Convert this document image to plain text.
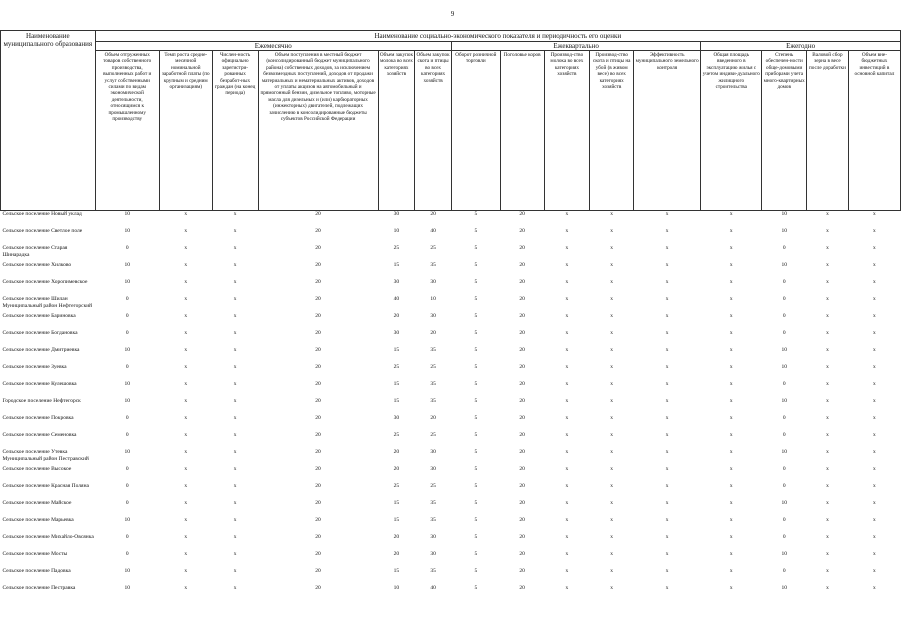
9
Наименование муниципального образования	Наименование социально-экономического показателя и периодичность его оценки														
	Ежемесячно						Ежеквартально					Ежегодно			
	Объем отгруженных товаров собственного производства, выполненных работ и услуг собственными силами по видам экономической деятельности, относящимся к промышленному производству	Темп роста средне-месячной номинальной заработной платы (по крупным и средним организациям)	Числен-ность официально зарегистри-рованных безработ-ных граждан (на конец периода)	Объем поступления в местный бюджет (консолидированный бюджет муниципального района) собственных доходов, за исключением безвозмездных поступлений, доходов от продажи материальных и нематериальных активов, доходов от уплаты акцизов на автомобильный и прямогонный бензин, дизельное топливо, моторные масла для дизельных и (или) карбюраторных (инжекторных) двигателей, подлежащих зачислению в консолидированные бюджеты субъектов Российской Федерации	Объем закупок молока во всех категориях хозяйств	Объем закупок скота и птицы во всех категориях хозяйств	Оборот розничной торговли	Поголовье коров	Производ-ство молока во всех категориях хозяйств	Производ-ство скота и птицы на убой (в живом весе) во всех категориях хозяйств	Эффективность муниципального земельного контроля	Общая площадь введенного в эксплуатацию жилья с учетом индиви-дуального жилищного строительства	Степень обеспечен-ности обще-домовыми приборами учета много-квартирных домов	Валовой сбор зерна в весе после доработки	Объем вне-бюджетных инвестиций в основной капитал
Сельское поселение Новый уклад	10	x	x	20	30	20	5	20	x	x	x	x	10	x	x
Сельское поселение Светлое поле	10	x	x	20	10	40	5	20	x	x	x	x	10	x	x
Сельское поселение Старая Шинарадка	0	x	x	20	25	25	5	20	x	x	x	x	0	x	x
Сельское поселение Хилково	10	x	x	20	15	35	5	20	x	x	x	x	10	x	x
Сельское поселение Хоропимевское	10	x	x	20	30	30	5	20	x	x	x	x	0	x	x
Сельское поселение Шилан Муниципальный район Нефтегорский	0	x	x	20	40	10	5	20	x	x	x	x	0	x	x
Сельское поселение Бариновка	0	x	x	20	20	30	5	20	x	x	x	x	0	x	x
Сельское поселение Богдановка	0	x	x	20	30	20	5	20	x	x	x	x	0	x	x
Сельское поселение Дмитриевка	10	x	x	20	15	35	5	20	x	x	x	x	10	x	x
Сельское поселение Зуевка	0	x	x	20	25	25	5	20	x	x	x	x	10	x	x
Сельское поселение Кулешовка	10	x	x	20	15	35	5	20	x	x	x	x	0	x	x
Городское поселение Нефтегорск	10	x	x	20	15	35	5	20	x	x	x	x	10	x	x
Сельское поселение Покровка	0	x	x	20	30	20	5	20	x	x	x	x	0	x	x
Сельское поселение Семеновка	0	x	x	20	25	25	5	20	x	x	x	x	0	x	x
Сельское поселение Утевка Муниципальный район Пестравский	10	x	x	20	20	30	5	20	x	x	x	x	10	x	x
Сельское поселение Высокое	0	x	x	20	20	30	5	20	x	x	x	x	0	x	x
Сельское поселение Красная Поляна	0	x	x	20	25	25	5	20	x	x	x	x	0	x	x
Сельское поселение Майское	0	x	x	20	15	35	5	20	x	x	x	x	10	x	x
Сельское поселение Марьевка	10	x	x	20	15	35	5	20	x	x	x	x	0	x	x
Сельское поселение Михайло-Овсянка	0	x	x	20	20	30	5	20	x	x	x	x	0	x	x
Сельское поселение Мосты	0	x	x	20	20	30	5	20	x	x	x	x	10	x	x
Сельское поселение Падовка	10	x	x	20	15	35	5	20	x	x	x	x	0	x	x
Сельское поселение Пестравка	10	x	x	20	10	40	5	20	x	x	x	x	10	x	x
